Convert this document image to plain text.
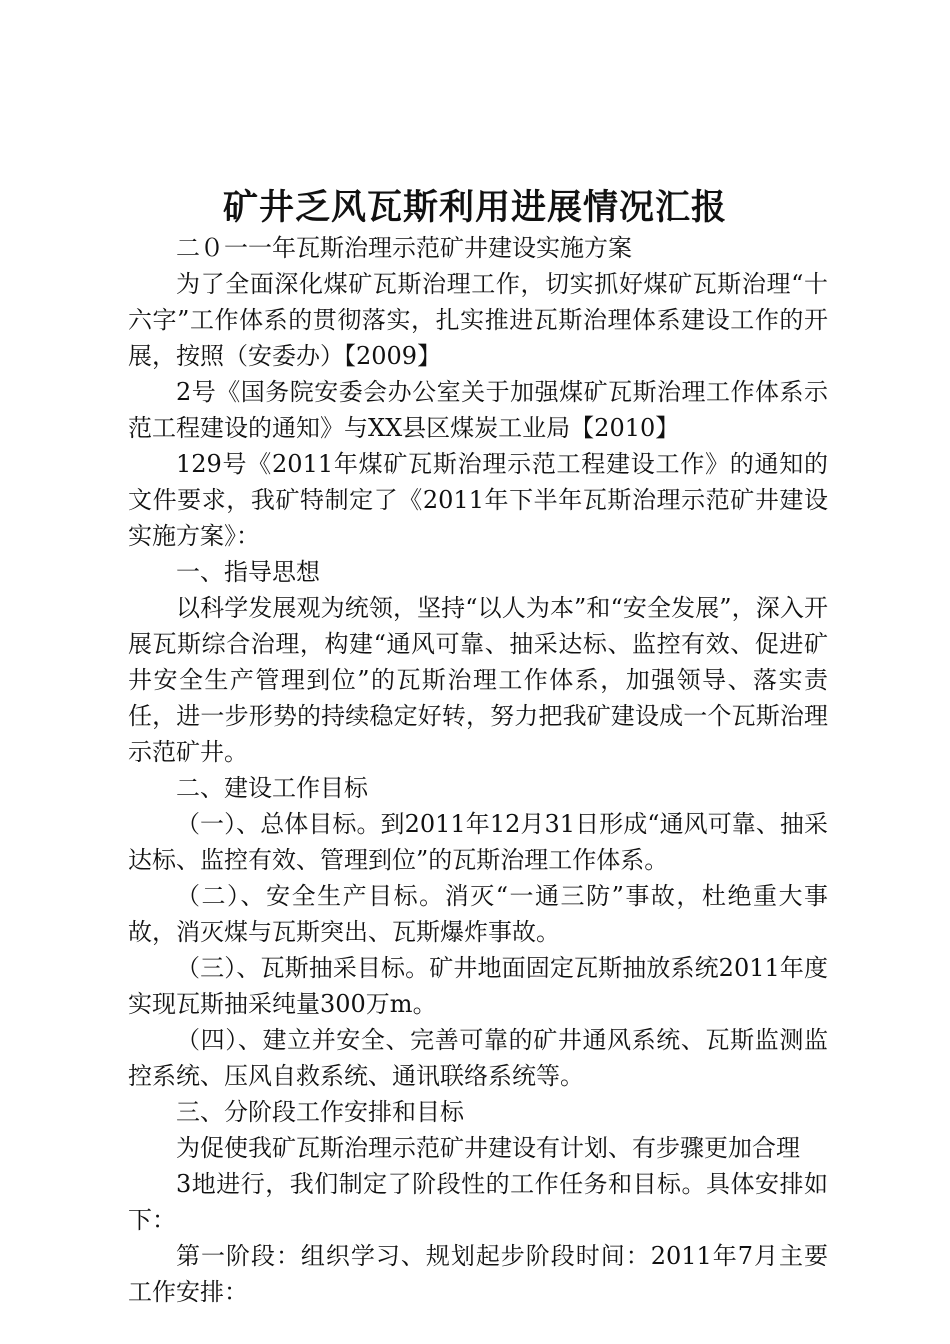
矿井乏风瓦斯利用进展情况汇报

二０一一年瓦斯治理示范矿井建设实施方案

为了全面深化煤矿瓦斯治理工作，切实抓好煤矿瓦斯治理“十六字”工作体系的贯彻落实，扎实推进瓦斯治理体系建设工作的开展，按照（安委办）【2009】

2号《国务院安委会办公室关于加强煤矿瓦斯治理工作体系示范工程建设的通知》与XX县区煤炭工业局【2010】

129号《2011年煤矿瓦斯治理示范工程建设工作》的通知的文件要求，我矿特制定了《2011年下半年瓦斯治理示范矿井建设实施方案》：

一、指导思想

以科学发展观为统领，坚持“以人为本”和“安全发展”，深入开展瓦斯综合治理，构建“通风可靠、抽采达标、监控有效、促进矿井安全生产管理到位”的瓦斯治理工作体系，加强领导、落实责任，进一步形势的持续稳定好转，努力把我矿建设成一个瓦斯治理示范矿井。

二、建设工作目标

（一）、总体目标。到2011年12月31日形成“通风可靠、抽采达标、监控有效、管理到位”的瓦斯治理工作体系。

（二）、安全生产目标。消灭“一通三防”事故，杜绝重大事故，消灭煤与瓦斯突出、瓦斯爆炸事故。

（三）、瓦斯抽采目标。矿井地面固定瓦斯抽放系统2011年度实现瓦斯抽采纯量300万m。

（四）、建立并安全、完善可靠的矿井通风系统、瓦斯监测监控系统、压风自救系统、通讯联络系统等。

三、分阶段工作安排和目标

为促使我矿瓦斯治理示范矿井建设有计划、有步骤更加合理

3地进行，我们制定了阶段性的工作任务和目标。具体安排如下：

第一阶段：组织学习、规划起步阶段时间：2011年7月主要工作安排：
